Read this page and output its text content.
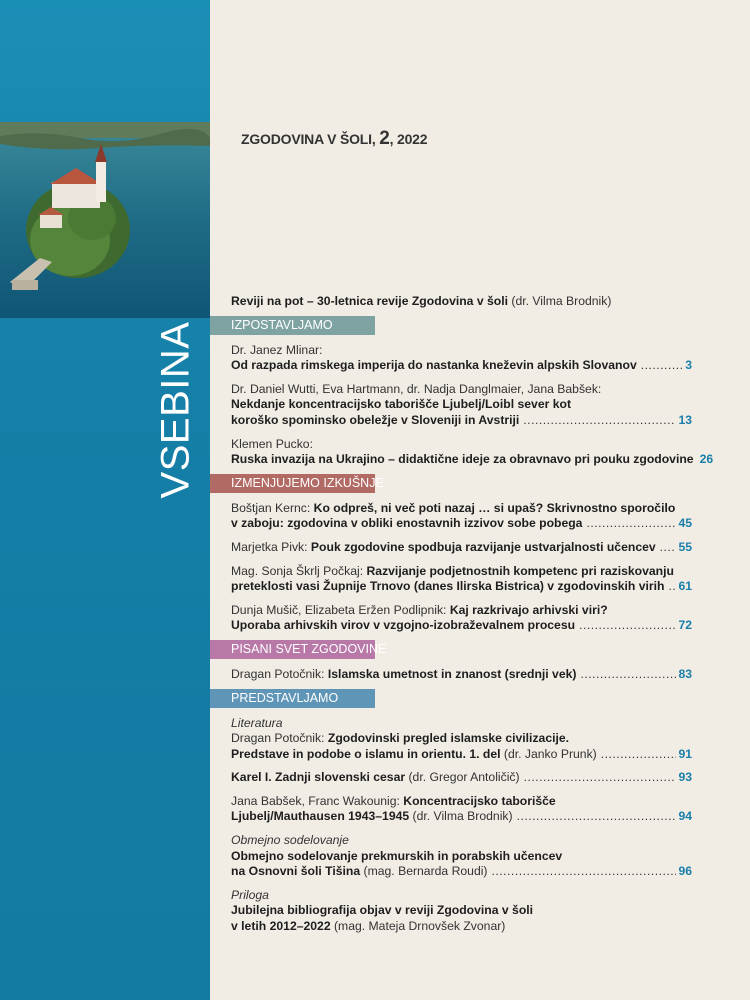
VSEBINA
ZGODOVINA V ŠOLI, 2, 2022
Reviji na pot – 30-letnica revije Zgodovina v šoli (dr. Vilma Brodnik)
IZPOSTAVLJAMO
Dr. Janez Mlinar:
Od razpada rimskega imperija do nastanka kneževin alpskih Slovanov .....	3
Dr. Daniel Wutti, Eva Hartmann, dr. Nadja Danglmaier, Jana Babšek:
Nekdanje koncentracijsko taborišče Ljubelj/Loibl sever kot
koroško spominsko obeležje v Sloveniji in Avstriji .....	13
Klemen Pucko:
Ruska invazija na Ukrajino – didaktične ideje za obravnavo pri pouku zgodovine 26
IZMENJUJEMO IZKUŠNJE
Boštjan Kernc: Ko odpreš, ni več poti nazaj … si upaš? Skrivnostno sporočilo
v zaboju: zgodovina v obliki enostavnih izzivov sobe pobega .....	45
Marjetka Pivk: Pouk zgodovine spodbuja razvijanje ustvarjalnosti učencev ..... 55
Mag. Sonja Škrlj Počkaj: Razvijanje podjetnostnih kompetenc pri raziskovanju
preteklosti vasi Župnije Trnovo (danes Ilirska Bistrica) v zgodovinskih virih ..... 61
Dunja Mušič, Elizabeta Eržen Podlipnik: Kaj razkrivajo arhivski viri?
Uporaba arhivskih virov v vzgojno-izobraževalnem procesu .....	72
PISANI SVET ZGODOVINE
Dragan Potočnik: Islamska umetnost in znanost (srednji vek) .....	83
PREDSTAVLJAMO
Literatura
Dragan Potočnik: Zgodovinski pregled islamske civilizacije.
Predstave in podobe o islamu in orientu. 1. del (dr. Janko Prunk) .....	91
Karel I. Zadnji slovenski cesar (dr. Gregor Antoličič) .....	93
Jana Babšek, Franc Wakounig: Koncentracijsko taborišče
Ljubelj/Mauthausen 1943–1945 (dr. Vilma Brodnik) .....	94
Obmejno sodelovanje
Obmejno sodelovanje prekmurskih in porabskih učencev
na Osnovni šoli Tišina (mag. Bernarda Roudi) .....	96
Priloga
Jubilejna bibliografija objav v reviji Zgodovina v šoli
v letih 2012–2022 (mag. Mateja Drnovšek Zvonar)
